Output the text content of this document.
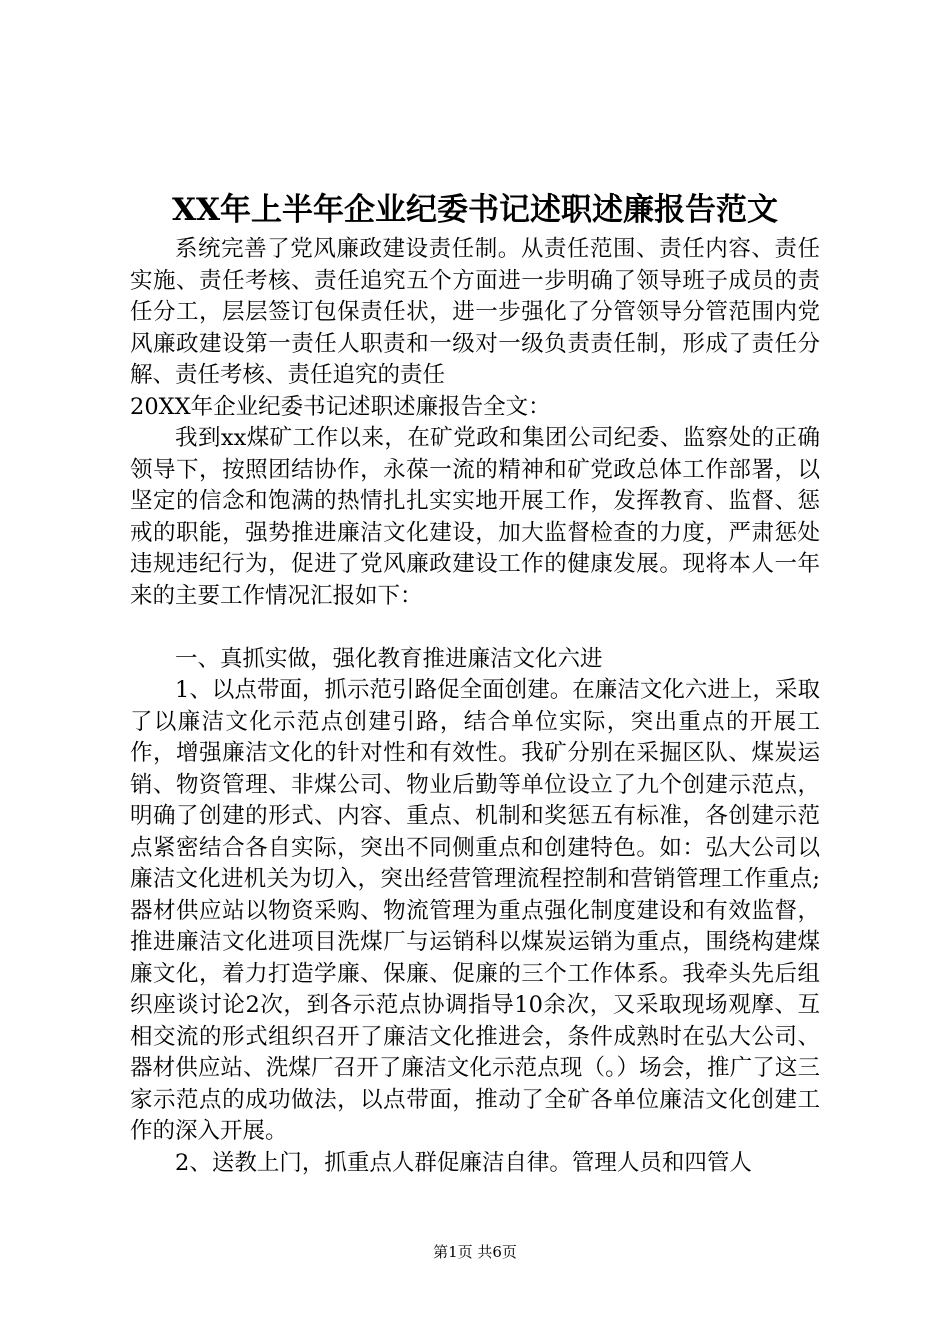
XX年上半年企业纪委书记述职述廉报告范文

系统完善了党风廉政建设责任制。从责任范围、责任内容、责任实施、责任考核、责任追究五个方面进一步明确了领导班子成员的责任分工，层层签订包保责任状，进一步强化了分管领导分管范围内党风廉政建设第一责任人职责和一级对一级负责责任制，形成了责任分解、责任考核、责任追究的责任

20XX年企业纪委书记述职述廉报告全文：

我到xx煤矿工作以来，在矿党政和集团公司纪委、监察处的正确领导下，按照团结协作，永葆一流的精神和矿党政总体工作部署，以坚定的信念和饱满的热情扎扎实实地开展工作，发挥教育、监督、惩戒的职能，强势推进廉洁文化建设，加大监督检查的力度，严肃惩处违规违纪行为，促进了党风廉政建设工作的健康发展。现将本人一年来的主要工作情况汇报如下：

一、真抓实做，强化教育推进廉洁文化六进

1、以点带面，抓示范引路促全面创建。在廉洁文化六进上，采取了以廉洁文化示范点创建引路，结合单位实际，突出重点的开展工作，增强廉洁文化的针对性和有效性。我矿分别在采掘区队、煤炭运销、物资管理、非煤公司、物业后勤等单位设立了九个创建示范点，明确了创建的形式、内容、重点、机制和奖惩五有标准，各创建示范点紧密结合各自实际，突出不同侧重点和创建特色。如：弘大公司以廉洁文化进机关为切入，突出经营管理流程控制和营销管理工作重点;器材供应站以物资采购、物流管理为重点强化制度建设和有效监督，推进廉洁文化进项目洗煤厂与运销科以煤炭运销为重点，围绕构建煤廉文化，着力打造学廉、保廉、促廉的三个工作体系。我牵头先后组织座谈讨论2次，到各示范点协调指导10余次，又采取现场观摩、互相交流的形式组织召开了廉洁文化推进会，条件成熟时在弘大公司、器材供应站、洗煤厂召开了廉洁文化示范点现（。）场会，推广了这三家示范点的成功做法，以点带面，推动了全矿各单位廉洁文化创建工作的深入开展。

2、送教上门，抓重点人群促廉洁自律。管理人员和四管人

第1页 共6页
